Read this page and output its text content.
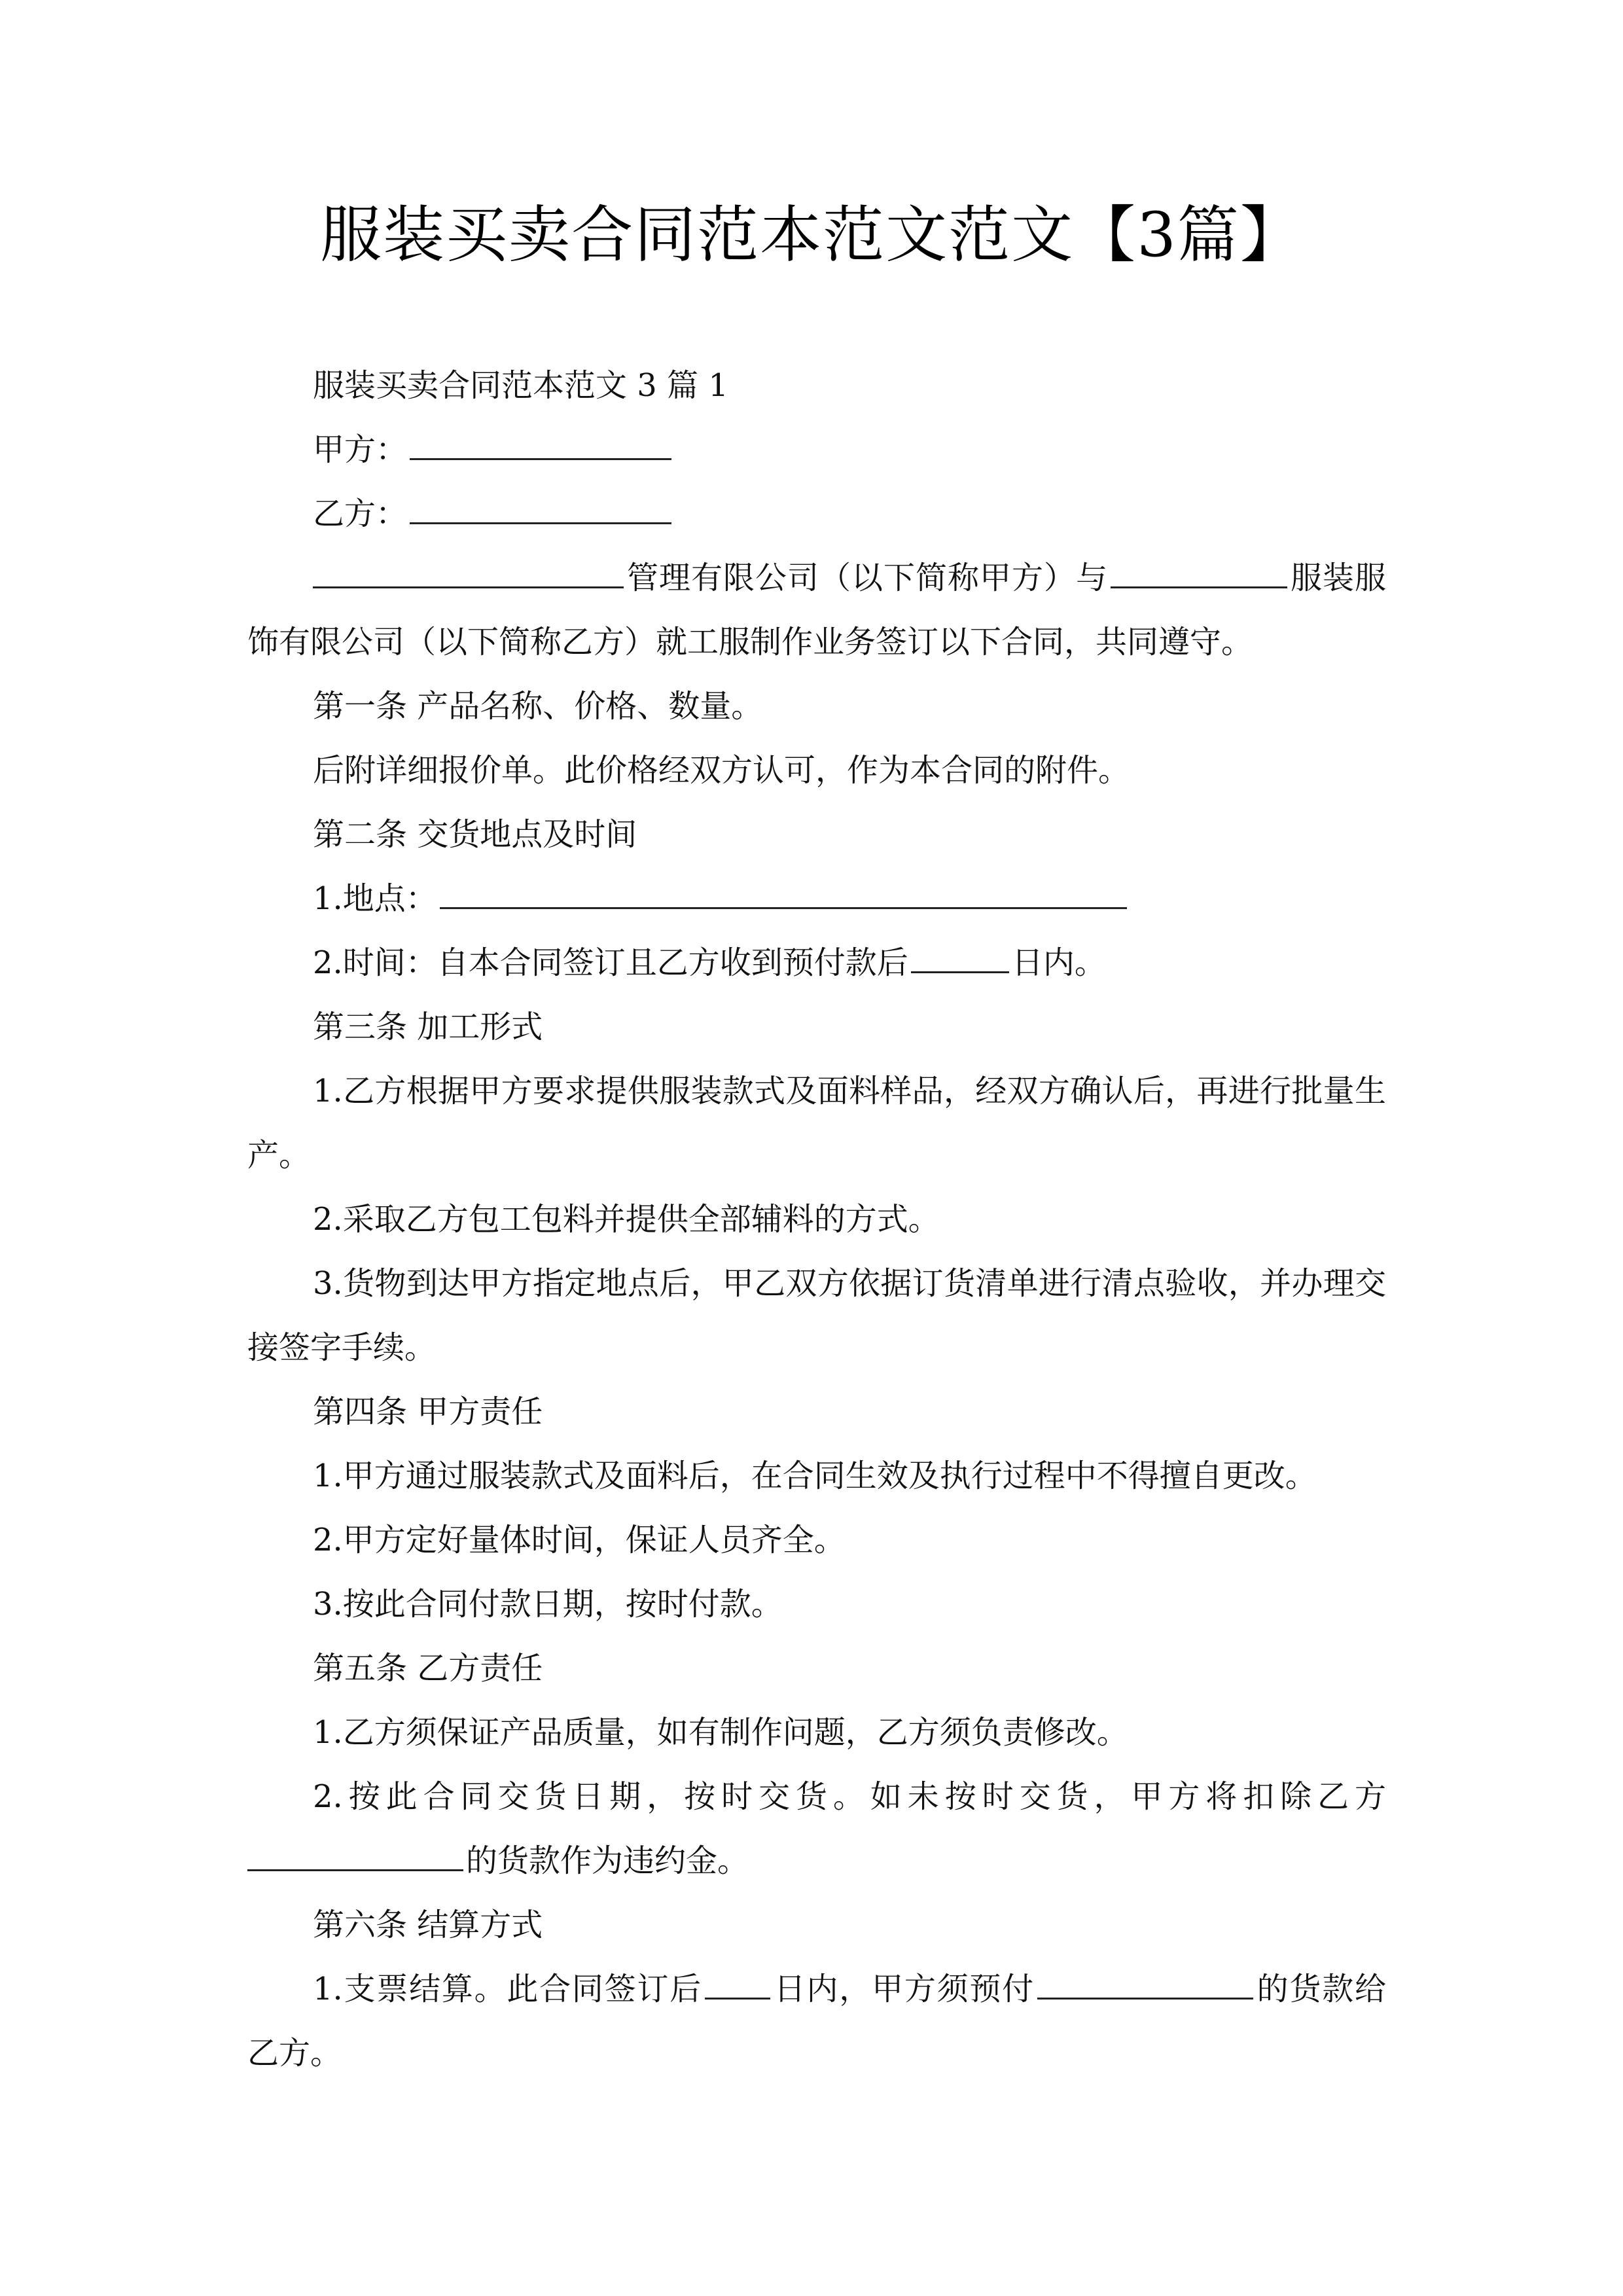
服装买卖合同范本范文范文【3篇】

服装买卖合同范本范文 3 篇 1

甲方：

乙方：

管理有限公司（以下简称甲方）与	服装服饰有限公司（以下简称乙方）就工服制作业务签订以下合同，共同遵守。

第一条 产品名称、价格、数量。

后附详细报价单。此价格经双方认可，作为本合同的附件。

第二条 交货地点及时间

1.地点：

2.时间：自本合同签订且乙方收到预付款后	日内。

第三条 加工形式

1.乙方根据甲方要求提供服装款式及面料样品，经双方确认后，再进行批量生产。

2.采取乙方包工包料并提供全部辅料的方式。

3.货物到达甲方指定地点后，甲乙双方依据订货清单进行清点验收，并办理交接签字手续。

第四条 甲方责任

1.甲方通过服装款式及面料后，在合同生效及执行过程中不得擅自更改。

2.甲方定好量体时间，保证人员齐全。

3.按此合同付款日期，按时付款。

第五条 乙方责任

1.乙方须保证产品质量，如有制作问题，乙方须负责修改。

2.按此合同交货日期，按时交货。如未按时交货，甲方将扣除乙方的货款作为违约金。

第六条 结算方式

1.支票结算。此合同签订后 日内，甲方须预付	的货款给乙方。
